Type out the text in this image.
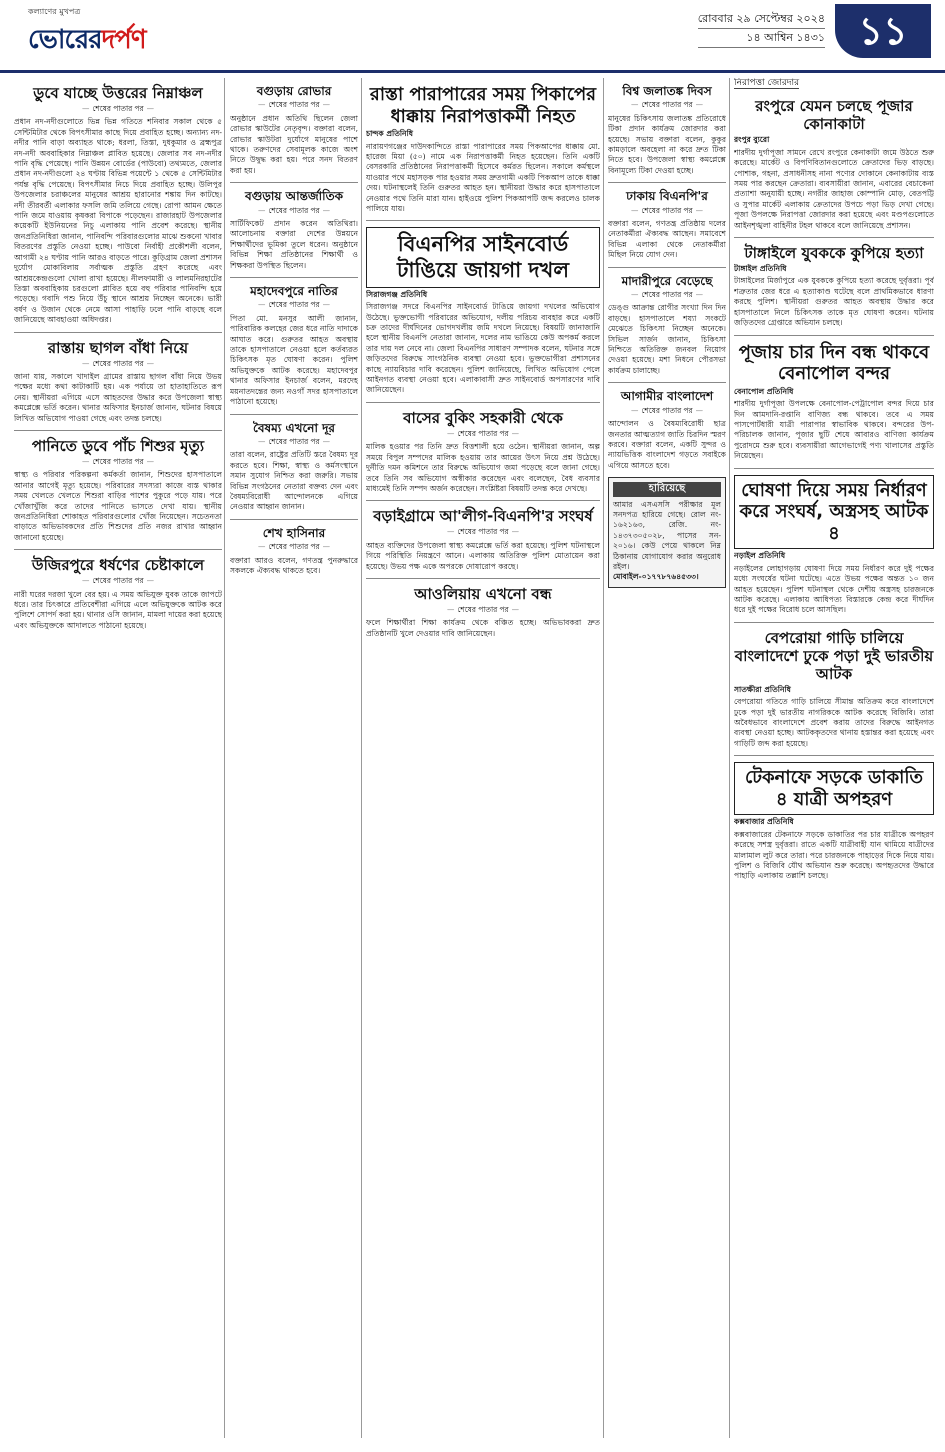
কল্যাণের মুখপত্র
ভোরেরদর্পণ
রোববার ২৯ সেপ্টেম্বর ২০২৪
১৪ আশ্বিন ১৪৩১ ১১
ডুবে যাচ্ছে উত্তরের নিম্নাঞ্চল
— শেষের পাতার পর —
প্রধান নদ-নদীগুলোতে ভিন্ন ভিন্ন গতিতে শনিবার সকাল থেকে ৫ সেন্টিমিটার থেকে বিপৎসীমার কাছে দিয়ে প্রবাহিত হচ্ছে। অন্যান্য নদ-নদীর পানি বাড়া অব্যাহত থাকে; ধরলা, তিস্তা, দুধকুমার ও ব্রহ্মপুত্র নদ-নদী অববাহিকার নিম্নাঞ্চল প্লাবিত হয়েছে। জেলার সব নদ-নদীর পানি বৃদ্ধি পেয়েছে। পানি উন্নয়ন বোর্ডের (পাউবো) তথ্যমতে, জেলার প্রধান নদ-নদীগুলো ২৪ ঘণ্টায় বিভিন্ন পয়েন্টে ১ থেকে ৫ সেন্টিমিটার পর্যন্ত বৃদ্ধি পেয়েছে। বিপৎসীমার নিচে দিয়ে প্রবাহিত হচ্ছে। উলিপুর উপজেলার চরাঞ্চলের মানুষের আশ্রয় হারানোর শঙ্কায় দিন কাটছে। নদী তীরবর্তী এলাকার ফসলি জমি তলিয়ে গেছে। রোপা আমন ক্ষেতে পানি জমে যাওয়ায় কৃষকরা বিপাকে পড়েছেন। রাজারহাট উপজেলার কয়েকটি ইউনিয়নের নিচু এলাকায় পানি প্রবেশ করেছে। স্থানীয় জনপ্রতিনিধিরা জানান, পানিবন্দি পরিবারগুলোর মাঝে শুকনো খাবার বিতরণের প্রস্তুতি নেওয়া হচ্ছে। পাউবো নির্বাহী প্রকৌশলী বলেন, আগামী ২৪ ঘণ্টায় পানি আরও বাড়তে পারে। কুড়িগ্রাম জেলা প্রশাসন দুর্যোগ মোকাবিলায় সর্বাত্মক প্রস্তুতি গ্রহণ করেছে এবং আশ্রয়কেন্দ্রগুলো খোলা রাখা হয়েছে। নীলফামারী ও লালমনিরহাটের তিস্তা অববাহিকায় চরগুলো প্লাবিত হয়ে বহু পরিবার পানিবন্দি হয়ে পড়েছে। গবাদি পশু নিয়ে উঁচু স্থানে আশ্রয় নিচ্ছেন অনেকে। ভারী বর্ষণ ও উজান থেকে নেমে আসা পাহাড়ি ঢলে পানি বাড়ছে বলে জানিয়েছে আবহাওয়া অধিদপ্তর।
রাস্তায় ছাগল বাঁধা নিয়ে
— শেষের পাতার পর —
জানা যায়, সকালে খাদাইল গ্রামের রাস্তায় ছাগল বাঁধা নিয়ে উভয় পক্ষের মধ্যে কথা কাটাকাটি হয়। এক পর্যায়ে তা হাতাহাতিতে রূপ নেয়। স্থানীয়রা এগিয়ে এসে আহতদের উদ্ধার করে উপজেলা স্বাস্থ্য কমপ্লেক্সে ভর্তি করেন। থানার অফিসার ইনচার্জ জানান, ঘটনার বিষয়ে লিখিত অভিযোগ পাওয়া গেছে এবং তদন্ত চলছে।
পানিতে ডুবে পাঁচ শিশুর মৃত্যু
— শেষের পাতার পর —
স্বাস্থ্য ও পরিবার পরিকল্পনা কর্মকর্তা জানান, শিশুদের হাসপাতালে আনার আগেই মৃত্যু হয়েছে। পরিবারের সদস্যরা কাজে ব্যস্ত থাকার সময় খেলতে খেলতে শিশুরা বাড়ির পাশের পুকুরে পড়ে যায়। পরে খোঁজাখুঁজি করে তাদের পানিতে ভাসতে দেখা যায়। স্থানীয় জনপ্রতিনিধিরা শোকাহত পরিবারগুলোর খোঁজ নিয়েছেন। সচেতনতা বাড়াতে অভিভাবকদের প্রতি শিশুদের প্রতি নজর রাখার আহ্বান জানানো হয়েছে।
উজিরপুরে ধর্ষণের চেষ্টাকালে
— শেষের পাতার পর —
নারী ঘরের দরজা খুলে বের হয়। এ সময় অভিযুক্ত যুবক তাকে জাপটে ধরে। তার চিৎকারে প্রতিবেশীরা এগিয়ে এলে অভিযুক্তকে আটক করে পুলিশে সোপর্দ করা হয়। থানার ওসি জানান, মামলা দায়ের করা হয়েছে এবং অভিযুক্তকে আদালতে পাঠানো হয়েছে।
বগুড়ায় রোভার
— শেষের পাতার পর —
অনুষ্ঠানে প্রধান অতিথি ছিলেন জেলা রোভার স্কাউটের নেতৃবৃন্দ। বক্তারা বলেন, রোভার স্কাউটরা দুর্যোগে মানুষের পাশে থাকে। তরুণদের সেবামূলক কাজে অংশ নিতে উদ্বুদ্ধ করা হয়। পরে সনদ বিতরণ করা হয়।
বগুড়ায় আন্তর্জাতিক
— শেষের পাতার পর —
সার্টিফিকেট প্রদান করেন অতিথিরা। আলোচনায় বক্তারা দেশের উন্নয়নে শিক্ষার্থীদের ভূমিকা তুলে ধরেন। অনুষ্ঠানে বিভিন্ন শিক্ষা প্রতিষ্ঠানের শিক্ষার্থী ও শিক্ষকরা উপস্থিত ছিলেন।
মহাদেবপুরে নাতির
— শেষের পাতার পর —
পিতা মো. মনসুর আলী জানান, পারিবারিক কলহের জের ধরে নাতি দাদাকে আঘাত করে। গুরুতর আহত অবস্থায় তাকে হাসপাতালে নেওয়া হলে কর্তব্যরত চিকিৎসক মৃত ঘোষণা করেন। পুলিশ অভিযুক্তকে আটক করেছে। মহাদেবপুর থানার অফিসার ইনচার্জ বলেন, মরদেহ ময়নাতদন্তের জন্য নওগাঁ সদর হাসপাতালে পাঠানো হয়েছে।
বৈষম্য এখনো দূর
— শেষের পাতার পর —
তারা বলেন, রাষ্ট্রের প্রতিটি স্তরে বৈষম্য দূর করতে হবে। শিক্ষা, স্বাস্থ্য ও কর্মসংস্থানে সমান সুযোগ নিশ্চিত করা জরুরি। সভায় বিভিন্ন সংগঠনের নেতারা বক্তব্য দেন এবং বৈষম্যবিরোধী আন্দোলনকে এগিয়ে নেওয়ার আহ্বান জানান।
শেখ হাসিনার
— শেষের পাতার পর —
বক্তারা আরও বলেন, গণতন্ত্র পুনরুদ্ধারে সকলকে ঐক্যবদ্ধ থাকতে হবে।
রাস্তা পারাপারের সময় পিকাপের ধাক্কায় নিরাপত্তাকর্মী নিহত
চান্দক প্রতিনিধি
নারায়ণগঞ্জের দাউদকান্দিতে রাস্তা পারাপারের সময় পিকআপের ধাক্কায় মো. হারেজ মিয়া (৫০) নামে এক নিরাপত্তাকর্মী নিহত হয়েছেন। তিনি একটি বেসরকারি প্রতিষ্ঠানের নিরাপত্তাকর্মী হিসেবে কর্মরত ছিলেন। সকালে কর্মস্থলে যাওয়ার পথে মহাসড়ক পার হওয়ার সময় দ্রুতগামী একটি পিকআপ তাকে ধাক্কা দেয়। ঘটনাস্থলেই তিনি গুরুতর আহত হন। স্থানীয়রা উদ্ধার করে হাসপাতালে নেওয়ার পথে তিনি মারা যান। হাইওয়ে পুলিশ পিকআপটি জব্দ করলেও চালক পালিয়ে যায়।
বিএনপির সাইনবোর্ড টাঙিয়ে জায়গা দখল
সিরাজগঞ্জ প্রতিনিধি
সিরাজগঞ্জ সদরে বিএনপির সাইনবোর্ড টাঙিয়ে জায়গা দখলের অভিযোগ উঠেছে। ভুক্তভোগী পরিবারের অভিযোগ, দলীয় পরিচয় ব্যবহার করে একটি চক্র তাদের দীর্ঘদিনের ভোগদখলীয় জমি দখলে নিয়েছে। বিষয়টি জানাজানি হলে স্থানীয় বিএনপি নেতারা জানান, দলের নাম ভাঙিয়ে কেউ অপকর্ম করলে তার দায় দল নেবে না। জেলা বিএনপির সাধারণ সম্পাদক বলেন, ঘটনার সঙ্গে জড়িতদের বিরুদ্ধে সাংগঠনিক ব্যবস্থা নেওয়া হবে। ভুক্তভোগীরা প্রশাসনের কাছে ন্যায়বিচার দাবি করেছেন। পুলিশ জানিয়েছে, লিখিত অভিযোগ পেলে আইনগত ব্যবস্থা নেওয়া হবে। এলাকাবাসী দ্রুত সাইনবোর্ড অপসারণের দাবি জানিয়েছেন।
বাসের বুকিং সহকারী থেকে
— শেষের পাতার পর —
মালিক হওয়ার পর তিনি দ্রুত বিত্তশালী হয়ে ওঠেন। স্থানীয়রা জানান, অল্প সময়ে বিপুল সম্পদের মালিক হওয়ায় তার আয়ের উৎস নিয়ে প্রশ্ন উঠেছে। দুর্নীতি দমন কমিশনে তার বিরুদ্ধে অভিযোগ জমা পড়েছে বলে জানা গেছে। তবে তিনি সব অভিযোগ অস্বীকার করেছেন এবং বলেছেন, বৈধ ব্যবসার মাধ্যমেই তিনি সম্পদ অর্জন করেছেন। সংশ্লিষ্টরা বিষয়টি তদন্ত করে দেখছে।
বড়াইগ্রামে আ'লীগ-বিএনপি'র সংঘর্ষ
— শেষের পাতার পর —
আহত ব্যক্তিদের উপজেলা স্বাস্থ্য কমপ্লেক্সে ভর্তি করা হয়েছে। পুলিশ ঘটনাস্থলে গিয়ে পরিস্থিতি নিয়ন্ত্রণে আনে। এলাকায় অতিরিক্ত পুলিশ মোতায়েন করা হয়েছে। উভয় পক্ষ একে অপরকে দোষারোপ করছে।
আওলিয়ায় এখনো বন্ধ
— শেষের পাতার পর —
ফলে শিক্ষার্থীরা শিক্ষা কার্যক্রম থেকে বঞ্চিত হচ্ছে। অভিভাবকরা দ্রুত প্রতিষ্ঠানটি খুলে দেওয়ার দাবি জানিয়েছেন।
বিশ্ব জলাতঙ্ক দিবস
— শেষের পাতার পর —
মানুষের চিকিৎসায় জলাতঙ্ক প্রতিরোধে টিকা প্রদান কার্যক্রম জোরদার করা হয়েছে। সভায় বক্তারা বলেন, কুকুর কামড়ালে অবহেলা না করে দ্রুত টিকা নিতে হবে। উপজেলা স্বাস্থ্য কমপ্লেক্সে বিনামূল্যে টিকা দেওয়া হচ্ছে।
ঢাকায় বিএনপি'র
— শেষের পাতার পর —
বক্তারা বলেন, গণতন্ত্র প্রতিষ্ঠায় দলের নেতাকর্মীরা ঐক্যবদ্ধ আছেন। সমাবেশে বিভিন্ন এলাকা থেকে নেতাকর্মীরা মিছিল নিয়ে যোগ দেন।
মাদারীপুরে বেড়েছে
— শেষের পাতার পর —
ডেঙ্গু আক্রান্ত রোগীর সংখ্যা দিন দিন বাড়ছে। হাসপাতালে শয্যা সংকটে মেঝেতে চিকিৎসা নিচ্ছেন অনেকে। সিভিল সার্জন জানান, চিকিৎসা নিশ্চিতে অতিরিক্ত জনবল নিয়োগ দেওয়া হয়েছে। মশা নিধনে পৌরসভা কার্যক্রম চালাচ্ছে।
আগামীর বাংলাদেশ
— শেষের পাতার পর —
আন্দোলন ও বৈষম্যবিরোধী ছাত্র জনতার আত্মত্যাগ জাতি চিরদিন স্মরণ করবে। বক্তারা বলেন, একটি সুন্দর ও ন্যায়ভিত্তিক বাংলাদেশ গড়তে সবাইকে এগিয়ে আসতে হবে।
হারিয়েছে
আমার এসএসসি পরীক্ষার মূল সনদপত্র হারিয়ে গেছে। রোল নং- ১৬২১৬৩, রেজি. নং- ১৪৩৭৩০৫০২৮, পাসের সন- ২০১৬। কেউ পেয়ে থাকলে নিম্ন ঠিকানায় যোগাযোগ করার অনুরোধ রইল।
মোবাইল-০১৭৭৮৭৬৪৫৩৩।
নিরাপত্তা জোরদার
রংপুরে যেমন চলছে পূজার কোনাকাটা
রংপুর ব্যুরো
শারদীয় দুর্গাপূজা সামনে রেখে রংপুরে কেনাকাটা জমে উঠতে শুরু করেছে। মার্কেট ও বিপণিবিতানগুলোতে ক্রেতাদের ভিড় বাড়ছে। পোশাক, গহনা, প্রসাধনীসহ নানা পণ্যের দোকানে কেনাকাটায় ব্যস্ত সময় পার করছেন ক্রেতারা। ব্যবসায়ীরা জানান, এবারের বেচাকেনা প্রত্যাশা অনুযায়ী হচ্ছে। নগরীর জাহাজ কোম্পানি মোড়, বেতপট্টি ও সুপার মার্কেট এলাকায় ক্রেতাদের উপচে পড়া ভিড় দেখা গেছে। পূজা উপলক্ষে নিরাপত্তা জোরদার করা হয়েছে এবং মণ্ডপগুলোতে আইনশৃঙ্খলা বাহিনীর টহল থাকবে বলে জানিয়েছে প্রশাসন।
টাঙ্গাইলে যুবককে কুপিয়ে হত্যা
টাঙ্গাইল প্রতিনিধি
টাঙ্গাইলের মির্জাপুরে এক যুবককে কুপিয়ে হত্যা করেছে দুর্বৃত্তরা। পূর্ব শত্রুতার জের ধরে এ হত্যাকাণ্ড ঘটেছে বলে প্রাথমিকভাবে ধারণা করছে পুলিশ। স্থানীয়রা গুরুতর আহত অবস্থায় উদ্ধার করে হাসপাতালে নিলে চিকিৎসক তাকে মৃত ঘোষণা করেন। ঘটনায় জড়িতদের গ্রেপ্তারে অভিযান চলছে।
পূজায় চার দিন বন্ধ থাকবে বেনাপোল বন্দর
বেনাপোল প্রতিনিধি
শারদীয় দুর্গাপূজা উপলক্ষে বেনাপোল-পেট্রাপোল বন্দর দিয়ে চার দিন আমদানি-রপ্তানি বাণিজ্য বন্ধ থাকবে। তবে এ সময় পাসপোর্টধারী যাত্রী পারাপার স্বাভাবিক থাকবে। বন্দরের উপ-পরিচালক জানান, পূজার ছুটি শেষে আবারও বাণিজ্য কার্যক্রম পুরোদমে শুরু হবে। ব্যবসায়ীরা আগেভাগেই পণ্য খালাসের প্রস্তুতি নিয়েছেন।
ঘোষণা দিয়ে সময় নির্ধারণ করে সংঘর্ষ, অস্ত্রসহ আটক ৪
নড়াইল প্রতিনিধি
নড়াইলের লোহাগড়ায় ঘোষণা দিয়ে সময় নির্ধারণ করে দুই পক্ষের মধ্যে সংঘর্ষের ঘটনা ঘটেছে। এতে উভয় পক্ষের অন্তত ১০ জন আহত হয়েছেন। পুলিশ ঘটনাস্থল থেকে দেশীয় অস্ত্রসহ চারজনকে আটক করেছে। এলাকায় আধিপত্য বিস্তারকে কেন্দ্র করে দীর্ঘদিন ধরে দুই পক্ষের বিরোধ চলে আসছিল।
বেপরোয়া গাড়ি চালিয়ে বাংলাদেশে ঢুকে পড়া দুই ভারতীয় আটক
সাতক্ষীরা প্রতিনিধি
বেপরোয়া গতিতে গাড়ি চালিয়ে সীমান্ত অতিক্রম করে বাংলাদেশে ঢুকে পড়া দুই ভারতীয় নাগরিককে আটক করেছে বিজিবি। তারা অবৈধভাবে বাংলাদেশে প্রবেশ করায় তাদের বিরুদ্ধে আইনগত ব্যবস্থা নেওয়া হচ্ছে। আটককৃতদের থানায় হস্তান্তর করা হয়েছে এবং গাড়িটি জব্দ করা হয়েছে।
টেকনাফে সড়কে ডাকাতি ৪ যাত্রী অপহরণ
কক্সবাজার প্রতিনিধি
কক্সবাজারের টেকনাফে সড়কে ডাকাতির পর চার যাত্রীকে অপহরণ করেছে সশস্ত্র দুর্বৃত্তরা। রাতে একটি যাত্রীবাহী যান থামিয়ে যাত্রীদের মালামাল লুট করে তারা। পরে চারজনকে পাহাড়ের দিকে নিয়ে যায়। পুলিশ ও বিজিবি যৌথ অভিযান শুরু করেছে। অপহৃতদের উদ্ধারে পাহাড়ি এলাকায় তল্লাশি চলছে।
